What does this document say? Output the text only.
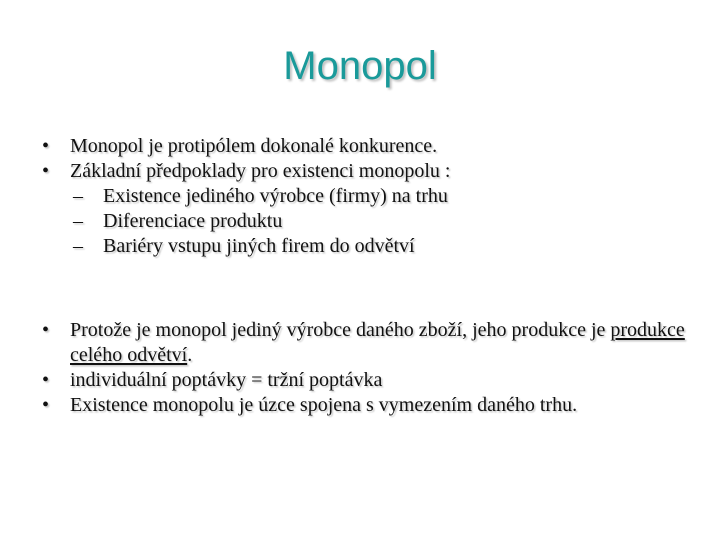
Monopol
• Monopol je protipólem dokonalé konkurence.
• Základní předpoklady pro existenci monopolu :
– Existence jediného výrobce (firmy) na trhu
– Diferenciace produktu
– Bariéry vstupu jiných firem do odvětví
• Protože je monopol jediný výrobce daného zboží, jeho produkce je produkce celého odvětví.
• individuální poptávky = tržní poptávka
• Existence monopolu je úzce spojena s vymezením daného trhu.
